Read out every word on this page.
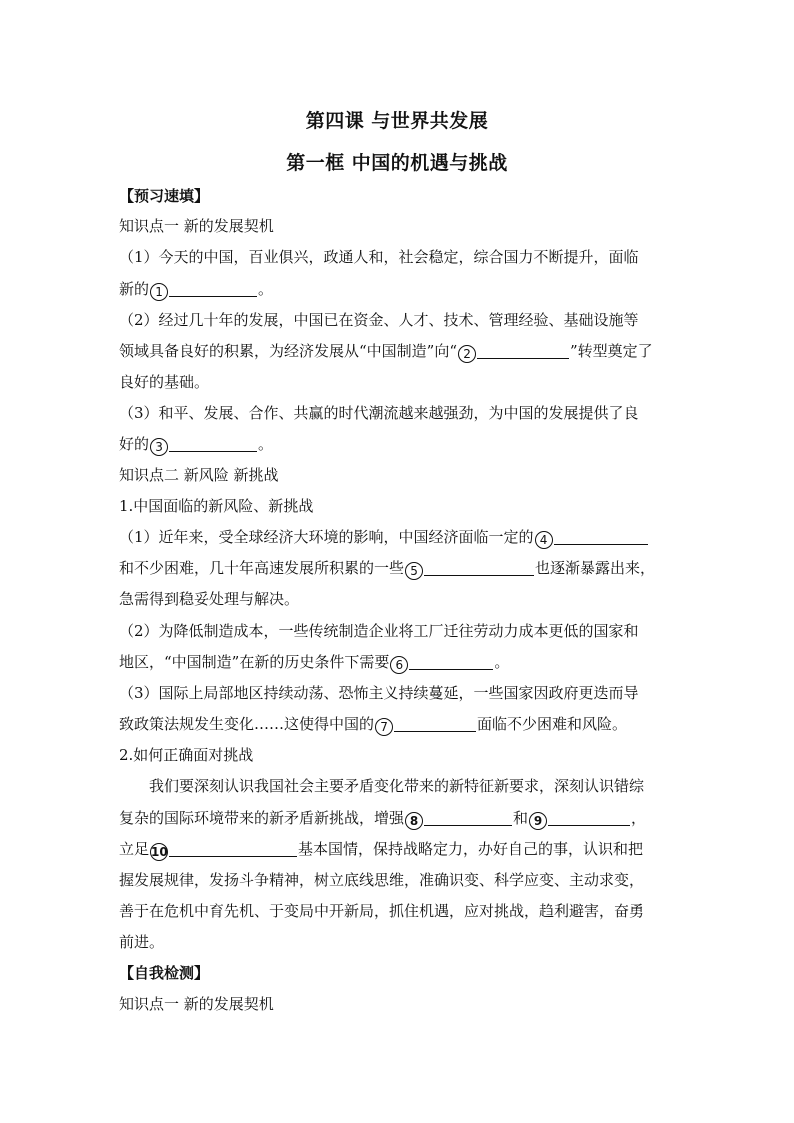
第四课 与世界共发展
第一框 中国的机遇与挑战
【预习速填】
知识点一 新的发展契机
（1）今天的中国，百业俱兴，政通人和，社会稳定，综合国力不断提升，面临
新的 1	。
（2）经过几十年的发展，中国已在资金、人才、技术、管理经验、基础设施等
领域具备良好的积累，为经济发展从“中国制造”向“ 2	”转型奠定了
良好的基础。
（3）和平、发展、合作、共赢的时代潮流越来越强劲，为中国的发展提供了良
好的 3	。
知识点二 新风险 新挑战
1.中国面临的新风险、新挑战
（1）近年来，受全球经济大环境的影响，中国经济面临一定的 4
和不少困难，几十年高速发展所积累的一些 5	也逐渐暴露出来，
急需得到稳妥处理与解决。
（2）为降低制造成本，一些传统制造企业将工厂迁往劳动力成本更低的国家和
地区，“中国制造”在新的历史条件下需要 6	。
（3）国际上局部地区持续动荡、恐怖主义持续蔓延，一些国家因政府更迭而导
致政策法规发生变化……这使得中国的 7	面临不少困难和风险。
2.如何正确面对挑战
我们要深刻认识我国社会主要矛盾变化带来的新特征新要求，深刻认识错综
复杂的国际环境带来的新矛盾新挑战，增强 8	和 9	，
立足 10	基本国情，保持战略定力，办好自己的事，认识和把
握发展规律，发扬斗争精神，树立底线思维，准确识变、科学应变、主动求变，
善于在危机中育先机、于变局中开新局，抓住机遇，应对挑战，趋利避害，奋勇
前进。
【自我检测】
知识点一 新的发展契机
